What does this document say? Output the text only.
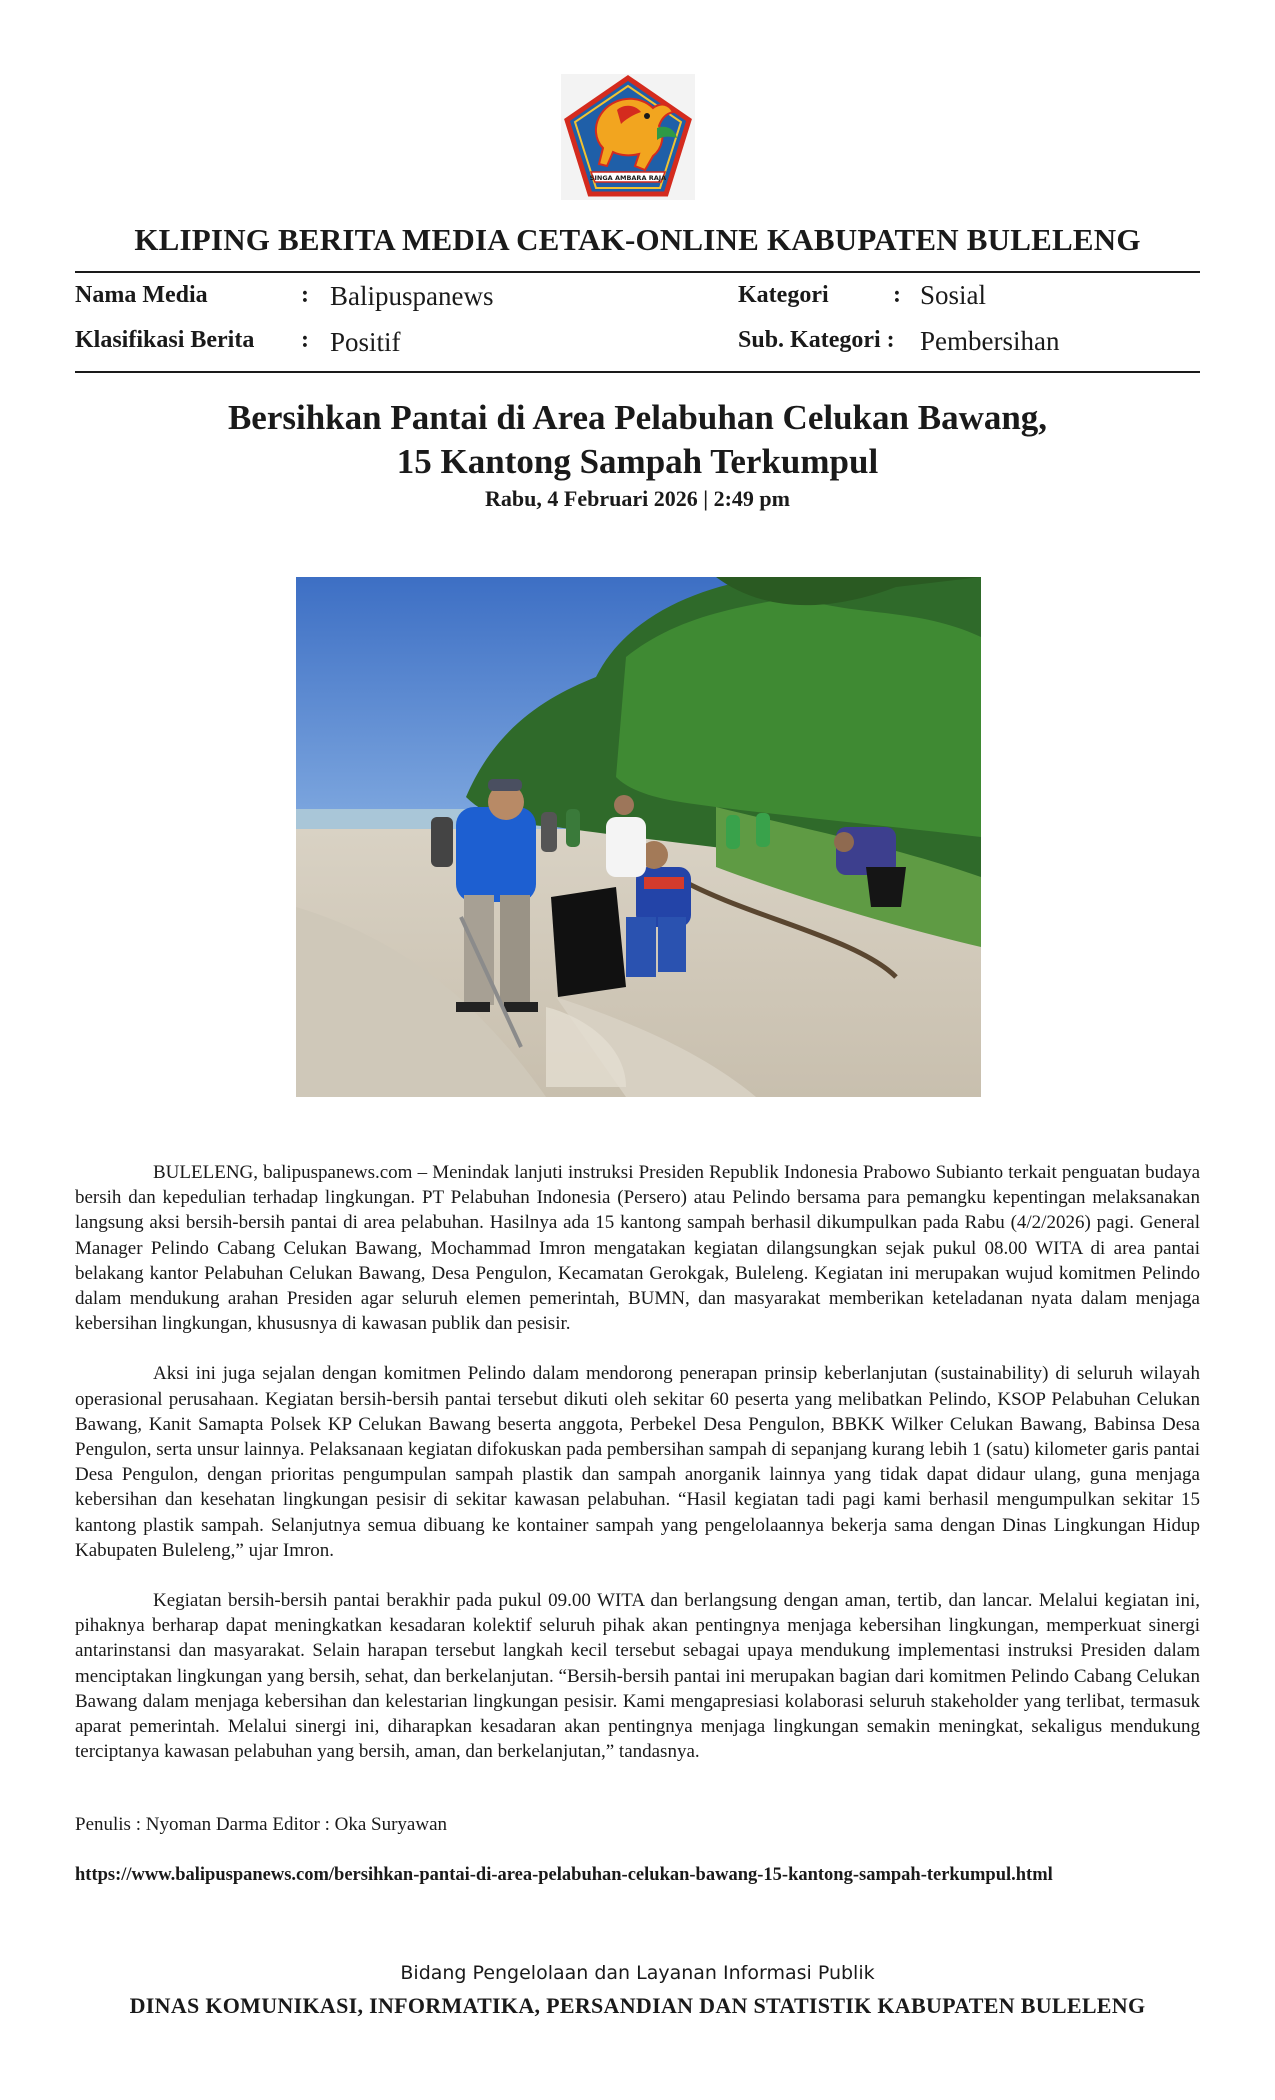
SINGA AMBARA RAJA
KLIPING BERITA MEDIA CETAK-ONLINE KABUPATEN BULELENG
Nama Media	: Balipuspanews
Klasifikasi Berita : Positif
Kategori	: Sosial
Sub. Kategori : Pembersihan
Bersihkan Pantai di Area Pelabuhan Celukan Bawang,
15 Kantong Sampah Terkumpul
Rabu, 4 Februari 2026 | 2:49 pm

BULELENG, balipuspanews.com – Menindak lanjuti instruksi Presiden Republik Indonesia Prabowo Subianto terkait penguatan budaya bersih dan kepedulian terhadap lingkungan. PT Pelabuhan Indonesia (Persero) atau Pelindo bersama para pemangku kepentingan melaksanakan langsung aksi bersih-bersih pantai di area pelabuhan. Hasilnya ada 15 kantong sampah berhasil dikumpulkan pada Rabu (4/2/2026) pagi. General Manager Pelindo Cabang Celukan Bawang, Mochammad Imron mengatakan kegiatan dilangsungkan sejak pukul 08.00 WITA di area pantai belakang kantor Pelabuhan Celukan Bawang, Desa Pengulon, Kecamatan Gerokgak, Buleleng. Kegiatan ini merupakan wujud komitmen Pelindo dalam mendukung arahan Presiden agar seluruh elemen pemerintah, BUMN, dan masyarakat memberikan keteladanan nyata dalam menjaga kebersihan lingkungan, khususnya di kawasan publik dan pesisir.

Aksi ini juga sejalan dengan komitmen Pelindo dalam mendorong penerapan prinsip keberlanjutan (sustainability) di seluruh wilayah operasional perusahaan. Kegiatan bersih-bersih pantai tersebut dikuti oleh sekitar 60 peserta yang melibatkan Pelindo, KSOP Pelabuhan Celukan Bawang, Kanit Samapta Polsek KP Celukan Bawang beserta anggota, Perbekel Desa Pengulon, BBKK Wilker Celukan Bawang, Babinsa Desa Pengulon, serta unsur lainnya. Pelaksanaan kegiatan difokuskan pada pembersihan sampah di sepanjang kurang lebih 1 (satu) kilometer garis pantai Desa Pengulon, dengan prioritas pengumpulan sampah plastik dan sampah anorganik lainnya yang tidak dapat didaur ulang, guna menjaga kebersihan dan kesehatan lingkungan pesisir di sekitar kawasan pelabuhan. “Hasil kegiatan tadi pagi kami berhasil mengumpulkan sekitar 15 kantong plastik sampah. Selanjutnya semua dibuang ke kontainer sampah yang pengelolaannya bekerja sama dengan Dinas Lingkungan Hidup Kabupaten Buleleng,” ujar Imron.

Kegiatan bersih-bersih pantai berakhir pada pukul 09.00 WITA dan berlangsung dengan aman, tertib, dan lancar. Melalui kegiatan ini, pihaknya berharap dapat meningkatkan kesadaran kolektif seluruh pihak akan pentingnya menjaga kebersihan lingkungan, memperkuat sinergi antarinstansi dan masyarakat. Selain harapan tersebut langkah kecil tersebut sebagai upaya mendukung implementasi instruksi Presiden dalam menciptakan lingkungan yang bersih, sehat, dan berkelanjutan. “Bersih-bersih pantai ini merupakan bagian dari komitmen Pelindo Cabang Celukan Bawang dalam menjaga kebersihan dan kelestarian lingkungan pesisir. Kami mengapresiasi kolaborasi seluruh stakeholder yang terlibat, termasuk aparat pemerintah. Melalui sinergi ini, diharapkan kesadaran akan pentingnya menjaga lingkungan semakin meningkat, sekaligus mendukung terciptanya kawasan pelabuhan yang bersih, aman, dan berkelanjutan,” tandasnya.

Penulis : Nyoman Darma Editor : Oka Suryawan
https://www.balipuspanews.com/bersihkan-pantai-di-area-pelabuhan-celukan-bawang-15-kantong-sampah-terkumpul.html
Bidang Pengelolaan dan Layanan Informasi Publik
DINAS KOMUNIKASI, INFORMATIKA, PERSANDIAN DAN STATISTIK KABUPATEN BULELENG
